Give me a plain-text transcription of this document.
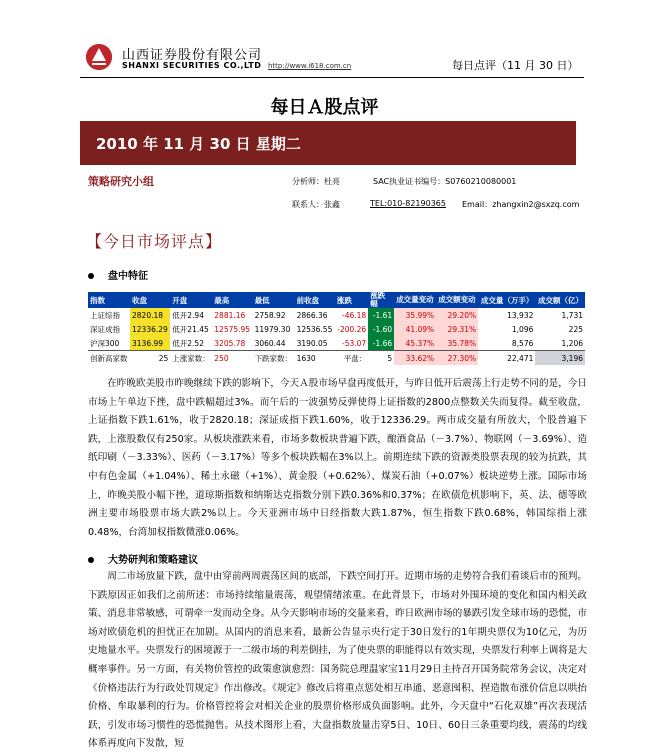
山西证券股份有限公司
SHANXI SECURITIES CO.,LTD http://www.i618.com.cn	每日点评（11 月 30 日）
每日Ａ股点评
2010 年 11 月 30 日 星期二
策略研究小组	分析师：杜亮	SAC执业证书编号：S0760210080001
联系人：张鑫	TEL:010-82190365 Email：zhangxin2@sxzq.com
【今日市场评点】
盘中特征
指数	收盘	开盘	最高	最低	前收盘	涨跌	涨跌幅	成交量变动	成交额变动	成交量（万手）	成交额（亿）
上证综指	2820.18	低开2.94	2881.16	2758.92	2866.36	-46.18	-1.61	35.99%	29.20%	13,932	1,731
深证成指	12336.29	低开21.45	12575.95	11979.30	12536.55	-200.26	-1.60	41.09%	29.31%	1,096	225
沪深300	3136.99	低开2.52	3205.78	3060.44	3190.05	-53.07	-1.66	45.37%	35.78%	8,576	1,206
创新高家数	25	上涨家数：	250	下跌家数：	1630	平盘：	5	33.62%	27.30%	22,471	3,196
在昨晚欧美股市昨晚继续下跌的影响下，今天Ａ股市场早盘再度低开，与昨日低开后震荡上行走势不同的是，今日市场上午单边下挫，盘中跌幅超过3%。而午后的一波强势反弹使得上证指数的2800点整数关失而复得。截至收盘，上证指数下跌1.61%，收于2820.18；深证成指下跌1.60%，收于12336.29。两市成交量有所放大，个股普遍下跌，上涨股数仅有250家。从板块涨跌来看，市场多数板块普遍下跌，酿酒食品（－3.7%）、物联网（－3.69%）、造纸印刷（－3.33%）、医药（－3.17%）等多个板块跌幅在3%以上。前期连续下跌的资源类股票表现的较为抗跌，其中有色金属（+1.04%）、稀土永磁（+1%）、黄金股（+0.62%）、煤炭石油（+0.07%）板块逆势上涨。国际市场上，昨晚美股小幅下挫，道琼斯指数和纳斯达克指数分别下跌0.36%和0.37%；在欧债危机影响下，英、法、德等欧洲主要市场股票市场大跌2%以上。今天亚洲市场中日经指数大跌1.87%，恒生指数下跌0.68%，韩国综指上涨0.48%，台湾加权指数微涨0.06%。
大势研判和策略建议
周二市场放量下跌，盘中由穿前两周震荡区间的底部，下跌空间打开。近期市场的走势符合我们看谈后市的预判。下跌原因正如我们之前所述：市场持续缩量震荡，观望情绪浓重。在此背景下，市场对外围环境的变化和国内相关政策、消息非常敏感，可谓牵一发而动全身。从今天影响市场的交量来看，昨日欧洲市场的暴跌引发全球市场的恐慌，市场对欧债危机的担忧正在加剧。从国内的消息来看，最新公告显示央行定于30日发行的1年期央票仅为10亿元，为历史地量水平。央票发行的困境源于一二级市场的利差倒挂，为了使央票的职能得以有效实现，央票发行利率上调将是大概率事件。另一方面，有关物价管控的政策愈演愈烈：国务院总理温家宝11月29日主持召开国务院常务会议，决定对《价格违法行为行政处罚规定》作出修改。《规定》修改后将重点惩处相互串通、恶意囤积、捏造散布涨价信息以哄抬价格、牟取暴利的行为。价格管控将会对相关企业的股票价格形成负面影响。此外，今天盘中“石化双雄”再次表现活跃，引发市场习惯性的恐慌抛售。从技术图形上看，大盘指数放量击穿5日、10日、60日三条重要均线，震荡的均线体系再度向下发散，短
